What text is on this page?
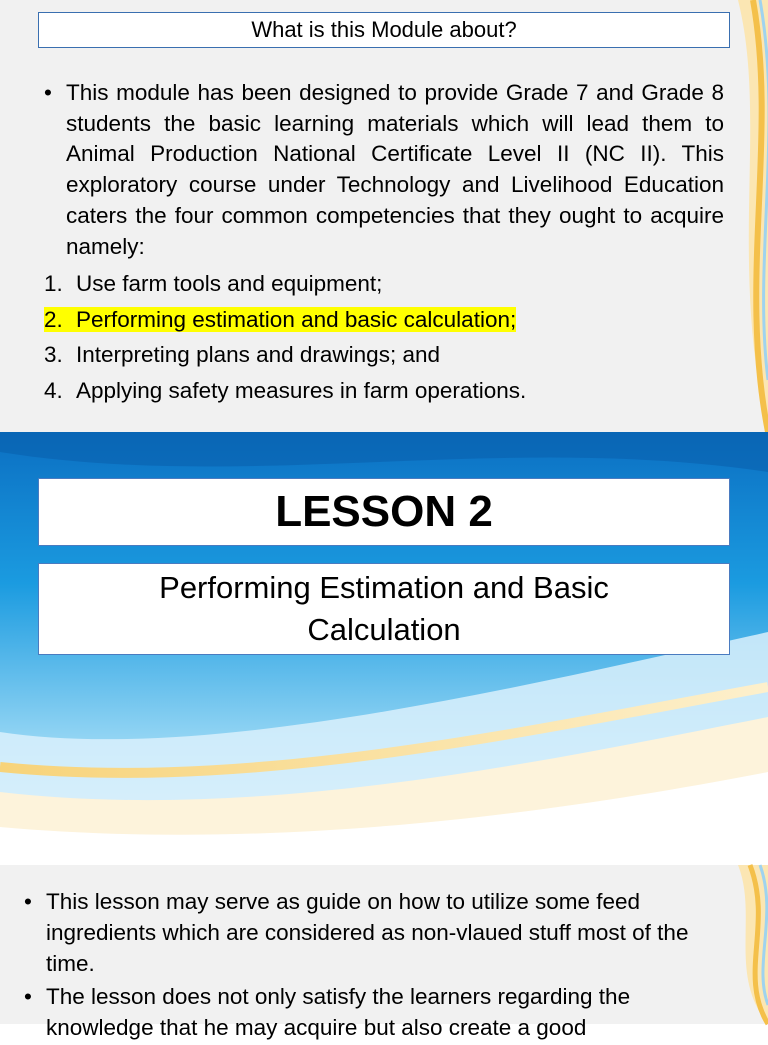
What is this Module about?
• This module has been designed to provide Grade 7 and Grade 8 students the basic learning materials which will lead them to Animal Production National Certificate Level II (NC II). This exploratory course under Technology and Livelihood Education caters the four common competencies that they ought to acquire namely:
1. Use farm tools and equipment;
2. Performing estimation and basic calculation;
3. Interpreting plans and drawings; and
4. Applying safety measures in farm operations.
LESSON 2
Performing Estimation and Basic Calculation
• This lesson may serve as guide on how to utilize some feed ingredients which are considered as non-vlaued stuff most of the time.
• The lesson does not only satisfy the learners regarding the knowledge that he may acquire but also create a good
